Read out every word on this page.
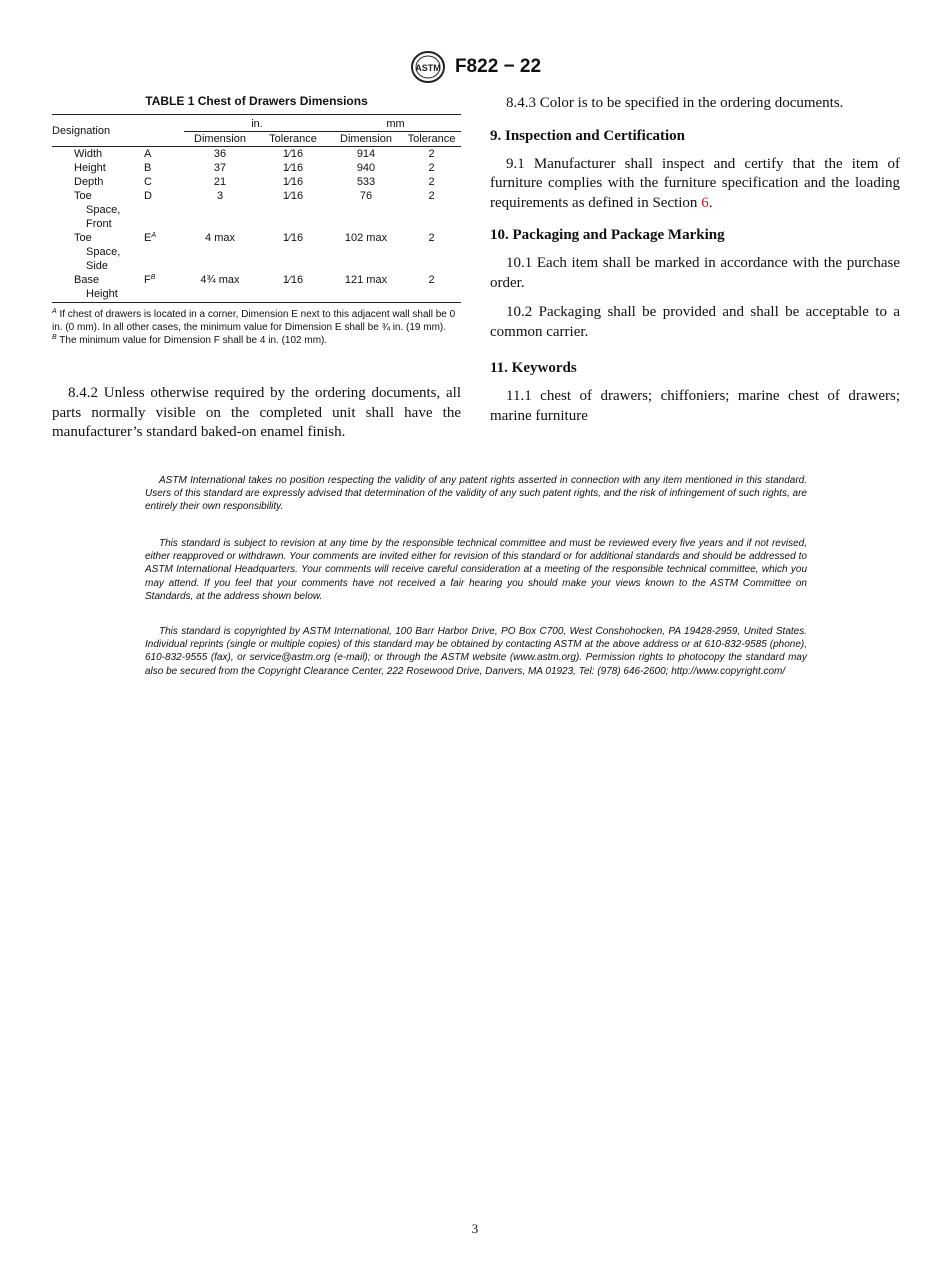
ASTM F822 − 22

TABLE 1 Chest of Drawers Dimensions

Designation		in.		mm	
		Dimension	Tolerance	Dimension	Tolerance
Width	A	36	1⁄16	914	2
Height	B	37	1⁄16	940	2
Depth	C	21	1⁄16	533	2
Toe
Space,
Front	D	3	1⁄16	76	2
Toe
Space,
Side	$E^A$	4 max	1⁄16	102 max	2
Base
Height	$F^B$	4¾ max	1⁄16	121 max	2

$^A$ If chest of drawers is located in a corner, Dimension E next to this adjacent wall shall be 0 in. (0 mm). In all other cases, the minimum value for Dimension E shall be ¾ in. (19 mm).

$^B$ The minimum value for Dimension F shall be 4 in. (102 mm).

8.4.2 Unless otherwise required by the ordering documents, all parts normally visible on the completed unit shall have the manufacturer’s standard baked-on enamel finish.

8.4.3 Color is to be specified in the ordering documents.

9. Inspection and Certification

9.1 Manufacturer shall inspect and certify that the item of furniture complies with the furniture specification and the loading requirements as defined in Section 6.

10. Packaging and Package Marking

10.1 Each item shall be marked in accordance with the purchase order.

10.2 Packaging shall be provided and shall be acceptable to a common carrier.

11. Keywords

11.1 chest of drawers; chiffoniers; marine chest of drawers; marine furniture

ASTM International takes no position respecting the validity of any patent rights asserted in connection with any item mentioned in this standard. Users of this standard are expressly advised that determination of the validity of any such patent rights, and the risk of infringement of such rights, are entirely their own responsibility.

This standard is subject to revision at any time by the responsible technical committee and must be reviewed every five years and if not revised, either reapproved or withdrawn. Your comments are invited either for revision of this standard or for additional standards and should be addressed to ASTM International Headquarters. Your comments will receive careful consideration at a meeting of the responsible technical committee, which you may attend. If you feel that your comments have not received a fair hearing you should make your views known to the ASTM Committee on Standards, at the address shown below.

This standard is copyrighted by ASTM International, 100 Barr Harbor Drive, PO Box C700, West Conshohocken, PA 19428-2959, United States. Individual reprints (single or multiple copies) of this standard may be obtained by contacting ASTM at the above address or at 610-832-9585 (phone), 610-832-9555 (fax), or service@astm.org (e-mail); or through the ASTM website (www.astm.org). Permission rights to photocopy the standard may also be secured from the Copyright Clearance Center, 222 Rosewood Drive, Danvers, MA 01923, Tel: (978) 646-2600; http://www.copyright.com/

3
